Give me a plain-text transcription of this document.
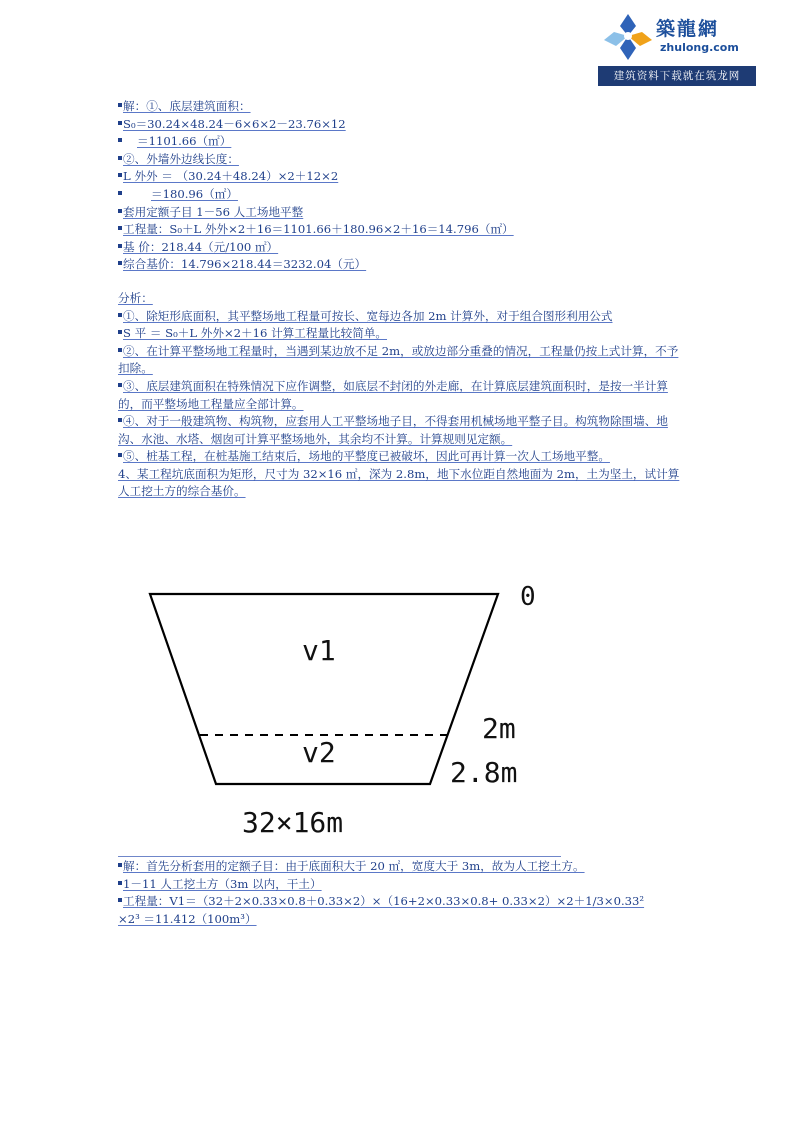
築龍網
zhulong.com
建筑资料下载就在筑龙网
解：①、底层建筑面积：
S₀＝30.24×48.24－6×6×2－23.76×12
＝1101.66（㎡）
②、外墙外边线长度：
L 外外 ＝ （30.24＋48.24）×2＋12×2
＝180.96（㎡）
套用定额子目 1－56 人工场地平整
工程量：S₀＋L 外外×2＋16＝1101.66＋180.96×2＋16＝14.796（㎡）
基 价：218.44（元/100 ㎡）
综合基价：14.796×218.44＝3232.04（元）
分析：
①、除矩形底面积，其平整场地工程量可按长、宽每边各加 2m 计算外，对于组合图形利用公式
S 平 ＝ S₀＋L 外外×2＋16 计算工程量比较简单。
②、在计算平整场地工程量时，当遇到某边放不足 2m，或放边部分重叠的情况，工程量仍按上式计算，不予扣除。
③、底层建筑面积在特殊情况下应作调整，如底层不封闭的外走廊，在计算底层建筑面积时，是按一半计算的，而平整场地工程量应全部计算。
④、对于一般建筑物、构筑物，应套用人工平整场地子目，不得套用机械场地平整子目。构筑物除围墙、地沟、水池、水塔、烟囱可计算平整场地外，其余均不计算。计算规则见定额。
⑤、桩基工程，在桩基施工结束后，场地的平整度已被破坏，因此可再计算一次人工场地平整。
4、某工程坑底面积为矩形，尺寸为 32×16 ㎡，深为 2.8m，地下水位距自然地面为 2m，土为坚土，试计算人工挖土方的综合基价。
0
v1
v2
2m
2.8m
32×16m
解：首先分析套用的定额子目：由于底面积大于 20 ㎡，宽度大于 3m，故为人工挖土方。
1－11 人工挖土方（3m 以内，干土）
工程量：V1＝（32＋2×0.33×0.8＋0.33×2）×（16+2×0.33×0.8+ 0.33×2）×2＋1/3×0.33²
×2³ ＝11.412（100m³）
